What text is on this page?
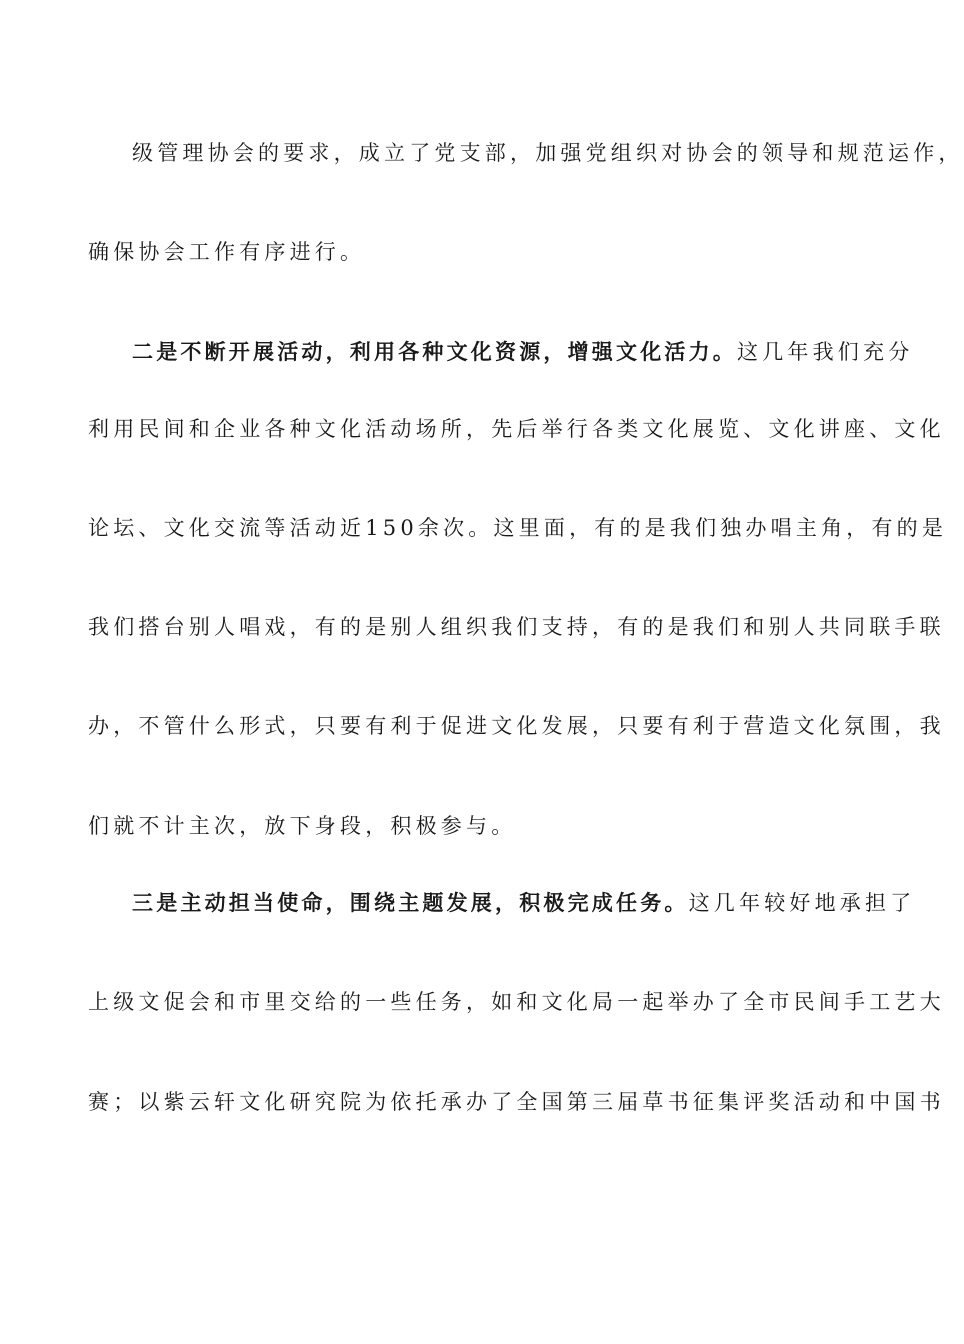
级管理协会的要求，成立了党支部，加强党组织对协会的领导和规范运作，
确保协会工作有序进行。
二是不断开展活动，利用各种文化资源，增强文化活力。这几年我们充分
利用民间和企业各种文化活动场所，先后举行各类文化展览、文化讲座、文化
论坛、文化交流等活动近150余次。这里面，有的是我们独办唱主角，有的是
我们搭台别人唱戏，有的是别人组织我们支持，有的是我们和别人共同联手联
办，不管什么形式，只要有利于促进文化发展，只要有利于营造文化氛围，我
们就不计主次，放下身段，积极参与。
三是主动担当使命，围绕主题发展，积极完成任务。这几年较好地承担了
上级文促会和市里交给的一些任务，如和文化局一起举办了全市民间手工艺大
赛；以紫云轩文化研究院为依托承办了全国第三届草书征集评奖活动和中国书
